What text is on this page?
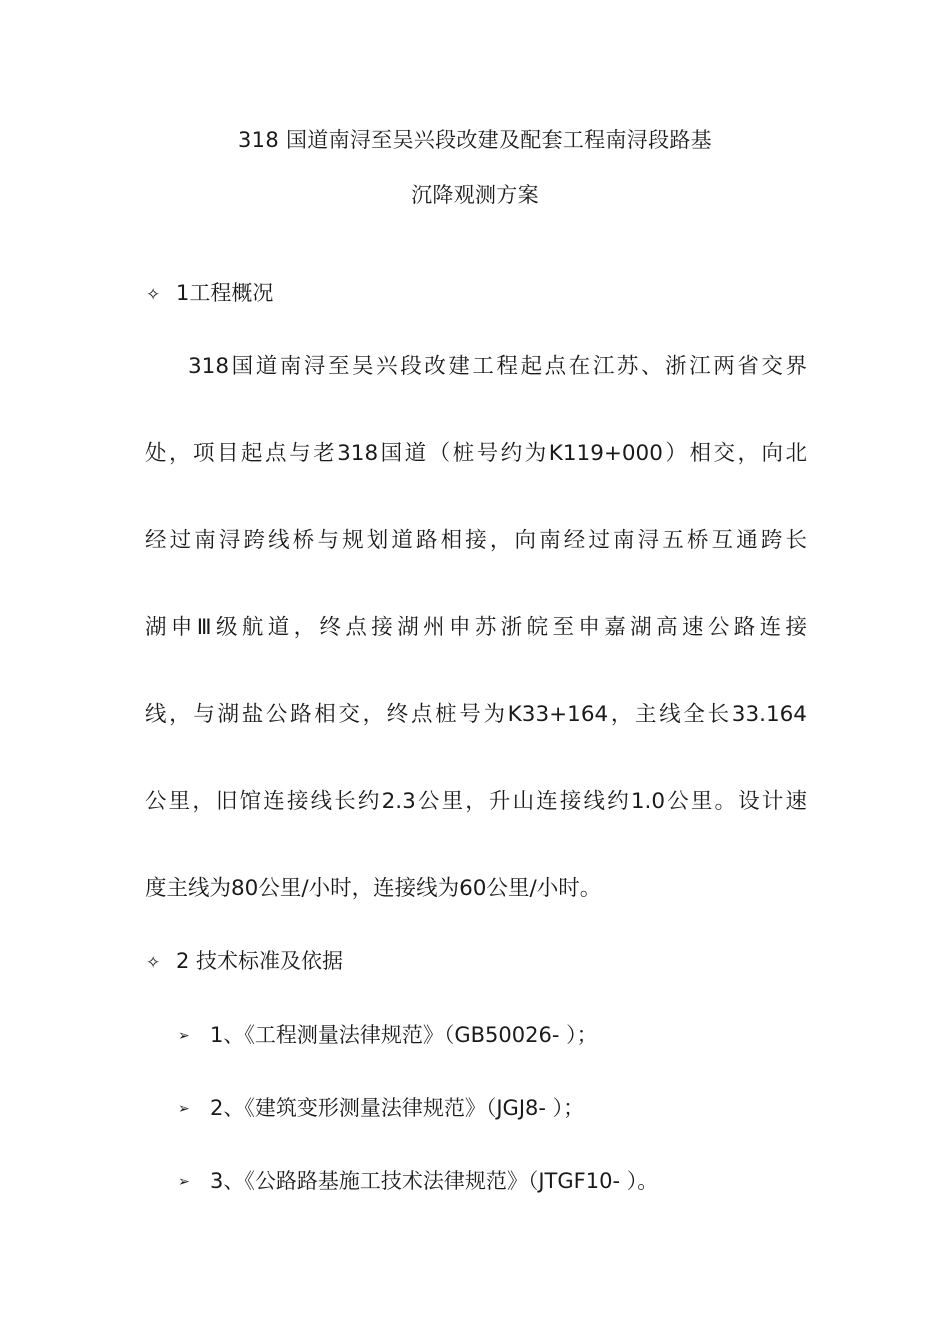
318 国道南浔至吴兴段改建及配套工程南浔段路基
沉降观测方案
✧ 1工程概况
318国道南浔至吴兴段改建工程起点在江苏、浙江两省交界
处，项目起点与老318国道（桩号约为K119+000）相交，向北
经过南浔跨线桥与规划道路相接，向南经过南浔五桥互通跨长
湖申Ⅲ级航道，终点接湖州申苏浙皖至申嘉湖高速公路连接
线，与湖盐公路相交，终点桩号为K33+164，主线全长33.164
公里，旧馆连接线长约2.3公里，升山连接线约1.0公里。设计速
度主线为80公里/小时，连接线为60公里/小时。
✧ 2 技术标准及依据
➢ 1、《工程测量法律规范》（GB50026- ）；
➢ 2、《建筑变形测量法律规范》（JGJ8- ）；
➢ 3、《公路路基施工技术法律规范》（JTGF10- ）。
